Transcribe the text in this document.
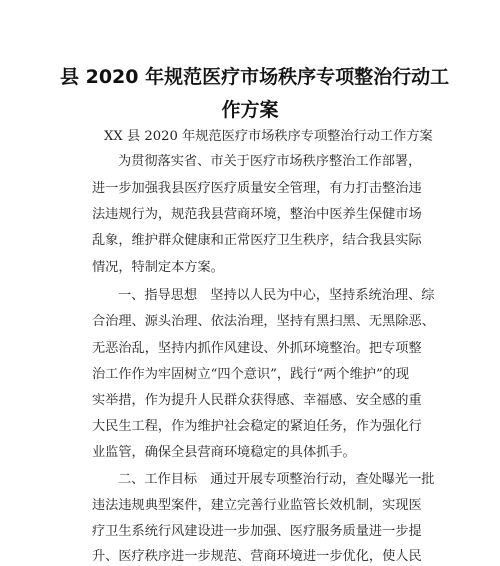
县 2020 年规范医疗市场秩序专项整治行动工
作方案
XX 县 2020 年规范医疗市场秩序专项整治行动工作方案
为贯彻落实省、市关于医疗市场秩序整治工作部署，
进一步加强我县医疗医疗质量安全管理，有力打击整治违
法违规行为，规范我县营商环境，整治中医养生保健市场
乱象，维护群众健康和正常医疗卫生秩序，结合我县实际
情况，特制定本方案。
一、指导思想　坚持以人民为中心，坚持系统治理、综
合治理、源头治理、依法治理，坚持有黑扫黑、无黑除恶、
无恶治乱，坚持内抓作风建设、外抓环境整治。把专项整
治工作作为牢固树立“四个意识”，践行“两个维护”的现
实举措，作为提升人民群众获得感、幸福感、安全感的重
大民生工程，作为维护社会稳定的紧迫任务，作为强化行
业监管，确保全县营商环境稳定的具体抓手。
二、工作目标　通过开展专项整治行动，查处曝光一批
违法违规典型案件，建立完善行业监管长效机制，实现医
疗卫生系统行风建设进一步加强、医疗服务质量进一步提
升、医疗秩序进一步规范、营商环境进一步优化，使人民
